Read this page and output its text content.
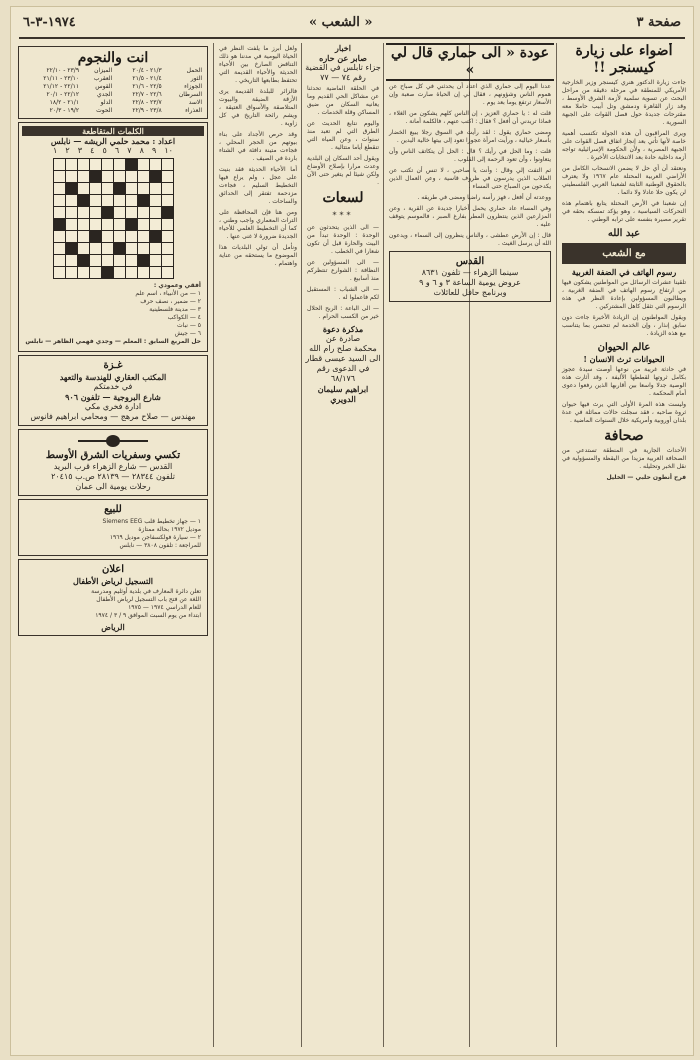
صفحة ٣
« الشعب »
١٩٧٤-٣-٦
أضواء على زيارة كيسنجر !!

جاءت زيارة الدكتور هنري كيسنجر وزير الخارجية الأمريكي للمنطقة في مرحلة دقيقة من مراحل البحث عن تسوية سلمية لأزمة الشرق الأوسط ، وقد زار القاهرة ودمشق وتل أبيب حاملا معه مقترحات جديدة حول فصل القوات على الجبهة السورية .

ويرى المراقبون أن هذه الجولة تكتسب أهمية خاصة لأنها تأتي بعد إنجاز اتفاق فصل القوات على الجبهة المصرية ، ولأن الحكومة الإسرائيلية تواجه أزمة داخلية حادة بعد الانتخابات الأخيرة .

ونعتقد أن أي حل لا يضمن الانسحاب الكامل من الأراضي العربية المحتلة عام ١٩٦٧ ولا يعترف بالحقوق الوطنية الثابتة لشعبنا العربي الفلسطيني لن يكون حلا عادلا ولا دائما .

إن شعبنا في الأرض المحتلة يتابع باهتمام هذه التحركات السياسية ، وهو يؤكد تمسكه بحقه في تقرير مصيره بنفسه على ترابه الوطني .

عبد الله
مع الشعب
رسوم الهاتف في الضفة الغربية

تلقينا عشرات الرسائل من المواطنين يشكون فيها من ارتفاع رسوم الهاتف في الضفة الغربية ، ويطالبون المسؤولين بإعادة النظر في هذه الرسوم التي تثقل كاهل المشتركين .

ويقول المواطنون إن الزيادة الأخيرة جاءت دون سابق إنذار ، وإن الخدمة لم تتحسن بما يتناسب مع هذه الزيادة .

عالم الحيوان
الحيوانات ترث الانسان !

في حادثة غريبة من نوعها أوصت سيدة عجوز بكامل ثروتها لقططها الأليفة ، وقد أثارت هذه الوصية جدلا واسعا بين أقاربها الذين رفعوا دعوى أمام المحكمة .

وليست هذه المرة الأولى التي يرث فيها حيوان ثروة صاحبه ، فقد سجلت حالات مماثلة في عدة بلدان أوروبية وأمريكية خلال السنوات الماضية .

صحافة

الأحداث الجارية في المنطقة تستدعي من الصحافة العربية مزيدا من اليقظة والمسؤولية في نقل الخبر وتحليله .

فرح أنطون حلبي — الخليل

عودة « الى حماري قال لي »

عدنا اليوم إلى حماري الذي اعتاد أن يحدثني في كل صباح عن هموم الناس وشؤونهم ، فقال لي إن الحياة صارت صعبة وإن الأسعار ترتفع يوما بعد يوم .

قلت له : يا حماري العزيز ، إن الناس كلهم يشكون من الغلاء ، فماذا تريدني أن أفعل ؟ فقال : اكتب عنهم ، فالكلمة أمانة .

ومضى حماري يقول : لقد رأيت في السوق رجلا يبيع الخضار بأسعار خيالية ، ورأيت امرأة عجوزا تعود إلى بيتها خالية اليدين .

قلت : وما الحل في رأيك ؟ قال : الحل أن يتكاتف الناس وأن يتعاونوا ، وأن تعود الرحمة إلى القلوب .

ثم التفت إلي وقال : وأنت يا صاحبي ، لا تنس أن تكتب عن الطلاب الذين يدرسون في ظروف قاسية ، وعن العمال الذين يكدحون من الصباح حتى المساء .

ووعدته أن أفعل ، فهز رأسه راضيا ومضى في طريقه .

وفي المساء عاد حماري يحمل أخبارا جديدة عن القرية ، وعن المزارعين الذين ينتظرون المطر بفارغ الصبر ، فالموسم يتوقف عليه .

قال : إن الأرض عطشى ، والناس ينظرون إلى السماء ، ويدعون الله أن يرسل الغيث .

القدس
سينما الزهراء — تلفون ٨٦٣١
عروض يومية الساعة ٣ و ٦ و ٩
وبرنامج حافل للعائلات
اخبار
صابر عن حاره
جزاء تابلس في القضية
رقم ٧٤ — ٧٧

في الحلقة الماضية تحدثنا عن مشاكل الحي القديم وما يعانيه السكان من ضيق المساكن وقلة الخدمات .

واليوم نتابع الحديث عن الطرق التي لم تعبد منذ سنوات ، وعن المياه التي تنقطع أياما متتالية .

ويقول أحد السكان إن البلدية وعدت مرارا بإصلاح الأوضاع ولكن شيئا لم يتغير حتى الآن .

لسعات
***

— الى الذين يتحدثون عن الوحدة : الوحدة تبدأ من البيت والحارة قبل أن تكون شعارا في الخطب .

— الى المسؤولين عن النظافة : الشوارع تنتظركم منذ أسابيع .

— الى الشباب : المستقبل لكم فاعملوا له .

— الى الباعة : الربح الحلال خير من الكسب الحرام .

مذكرة دعوة
صادرة عن
محكمة صلح رام الله
الى السيد عيسى قطار
في الدعوى رقم ٦٨/١٧٦
ابراهيم سليمان الدويري

ولعل أبرز ما يلفت النظر في الحياة اليومية في مدننا هو ذلك التناقض الصارخ بين الأحياء الحديثة والأحياء القديمة التي تحتفظ بطابعها التاريخي .

فالزائر للبلدة القديمة يرى الأزقة الضيقة والبيوت المتلاصقة والأسواق العتيقة ، ويشم رائحة التاريخ في كل زاوية .

وقد حرص الأجداد على بناء بيوتهم من الحجر المحلي ، فجاءت متينة دافئة في الشتاء باردة في الصيف .

أما الأحياء الحديثة فقد بنيت على عجل ، ولم يراع فيها التخطيط السليم ، فجاءت مزدحمة تفتقر إلى الحدائق والساحات .

ومن هنا فإن المحافظة على التراث المعماري واجب وطني ، كما أن التخطيط العلمي للأحياء الجديدة ضرورة لا غنى عنها .

ونأمل أن تولي البلديات هذا الموضوع ما يستحقه من عناية واهتمام .

انت والنجوم
الحمل	٢١/٣ - ٢٠/٤	الميزان	٢٣/٩ - ٢٢/١٠
الثور	٢١/٤ - ٢١/٥	العقرب	٢٣/١٠ - ٢١/١١
الجوزاء	٢٢/٥ - ٢١/٦	القوس	٢٢/١١ - ٢١/١٢
السرطان	٢٢/٦ - ٢٢/٧	الجدي	٢٢/١٢ - ٢٠/١
الاسد	٢٣/٧ - ٢٢/٨	الدلو	٢١/١ - ١٨/٢
العذراء	٢٣/٨ - ٢٢/٩	الحوت	١٩/٢ - ٢٠/٣
الكلمات المتقاطعة
اعداد : محمد حلمي الريشه — نابلس
١ ٢ ٣ ٤ ٥ ٦ ٧ ٨ ٩ ١٠
أفقي وعمودي :
١ — من الأنبياء ، اسم علم
٢ — ضمير ، نصف حرف
٣ — مدينة فلسطينية
٤ — الكواكب
٥ — نبات
٦ — جيش
حل المربع السابق : المعلم — وجدي فهمي الظاهر — نابلس
غـزة
المكتب العقاري للهندسة والتعهد
في خدمتكم
شارع البروجية — تلفون ٩٠٦
ادارة فخري مكي
مهندس — صلاح مرهج — ومحامي ابراهيم فانوس
تكسي وسفريات الشرق الأوسط
القدس — شارع الزهراء قرب البريد
تلفون ٢٨٣٤٤ — ٢٨١٣٩ ص.ب ٢٠٤١٥
رحلات يومية الى عمان
للبيع
١ — جهاز تخطيط قلب Siemens EEG
موديل ١٩٧٢ بحالة ممتازة
٢ — سيارة فولكسفاجن موديل ١٩٦٩
للمراجعة : تلفون ٣٨٠٨ — نابلس
اعلان
التسجيل لرياض الأطفال
تعلن دائرة المعارف في بلدية أوثليم ومدرسة
اللغة عن فتح باب التسجيل لرياض الأطفال
للعام الدراسي ١٩٧٤ — ١٩٧٥
ابتداء من يوم السبت الموافق ٩ / ٣ / ١٩٧٤
الرياض
